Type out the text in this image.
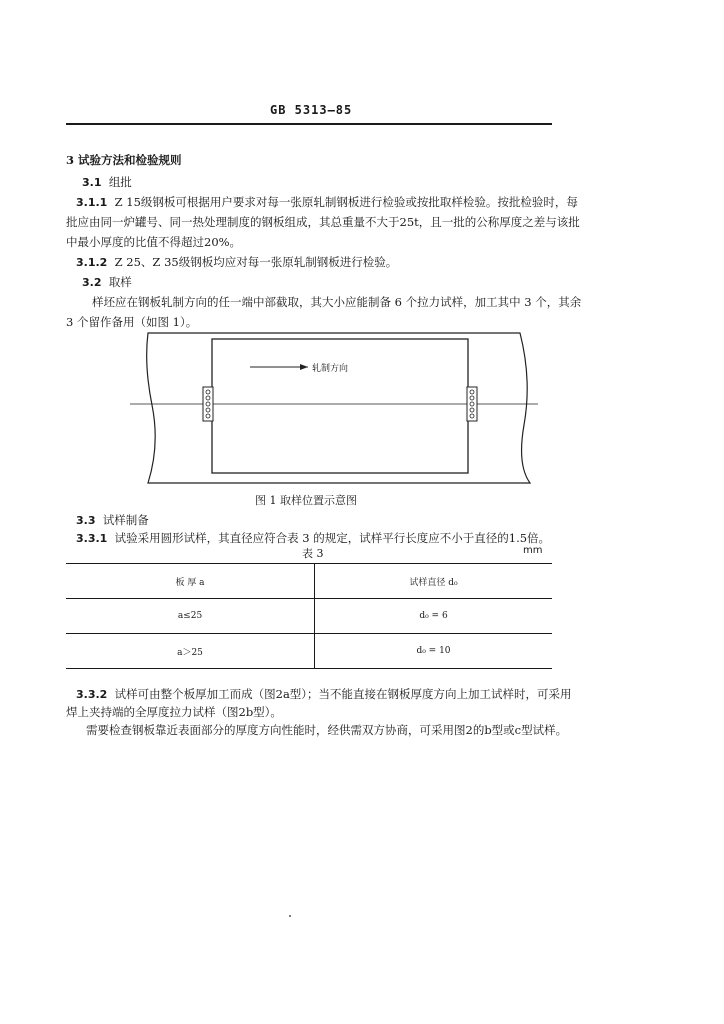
GB 5313—85
3 试验方法和检验规则
3.1 组批
3.1.1 Z 15级钢板可根据用户要求对每一张原轧制钢板进行检验或按批取样检验。按批检验时，每
批应由同一炉罐号、同一热处理制度的钢板组成，其总重量不大于25t，且一批的公称厚度之差与该批
中最小厚度的比值不得超过20%。
3.1.2 Z 25、Z 35级钢板均应对每一张原轧制钢板进行检验。
3.2 取样
样坯应在钢板轧制方向的任一端中部截取，其大小应能制备 6 个拉力试样，加工其中 3 个，其余
3 个留作备用（如图 1）。
轧制方向
图 1 取样位置示意图
3.3 试样制备
3.3.1 试验采用圆形试样，其直径应符合表 3 的规定，试样平行长度应不小于直径的1.5倍。
表 3	mm
板 厚 a	试样直径 d₀
a≤25	d₀ = 6
a＞25	d₀ = 10
3.3.2 试样可由整个板厚加工而成（图2a型）；当不能直接在钢板厚度方向上加工试样时，可采用
焊上夹持端的全厚度拉力试样（图2b型）。
需要检查钢板靠近表面部分的厚度方向性能时，经供需双方协商，可采用图2的b型或c型试样。
